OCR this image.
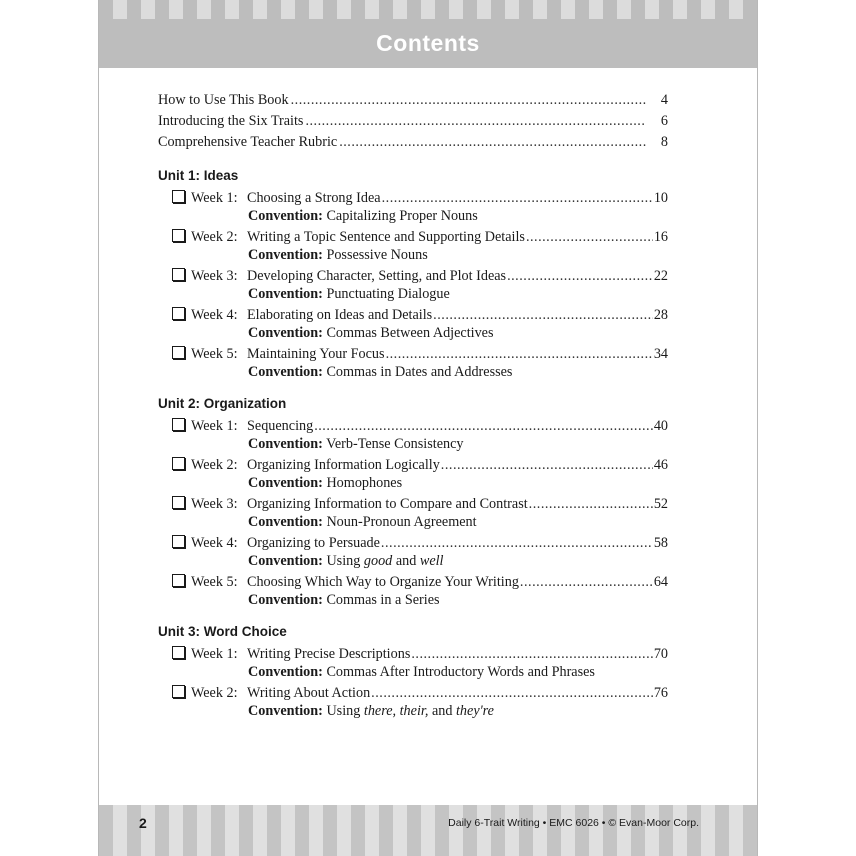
Contents
How to Use This Book .....	4
Introducing the Six Traits .....	6
Comprehensive Teacher Rubric .....	8
Unit 1: Ideas
Week 1: Choosing a Strong Idea .....	10
Convention: Capitalizing Proper Nouns
Week 2: Writing a Topic Sentence and Supporting Details .....	16
Convention: Possessive Nouns
Week 3: Developing Character, Setting, and Plot Ideas .....	22
Convention: Punctuating Dialogue
Week 4: Elaborating on Ideas and Details .....	28
Convention: Commas Between Adjectives
Week 5: Maintaining Your Focus .....	34
Convention: Commas in Dates and Addresses
Unit 2: Organization
Week 1: Sequencing .....	40
Convention: Verb-Tense Consistency
Week 2: Organizing Information Logically .....	46
Convention: Homophones
Week 3: Organizing Information to Compare and Contrast .....	52
Convention: Noun-Pronoun Agreement
Week 4: Organizing to Persuade .....	58
Convention: Using good and well
Week 5: Choosing Which Way to Organize Your Writing .....	64
Convention: Commas in a Series
Unit 3: Word Choice
Week 1: Writing Precise Descriptions .....	70
Convention: Commas After Introductory Words and Phrases
Week 2: Writing About Action .....	76
Convention: Using there, their, and they're
2	Daily 6-Trait Writing • EMC 6026 • © Evan-Moor Corp.
